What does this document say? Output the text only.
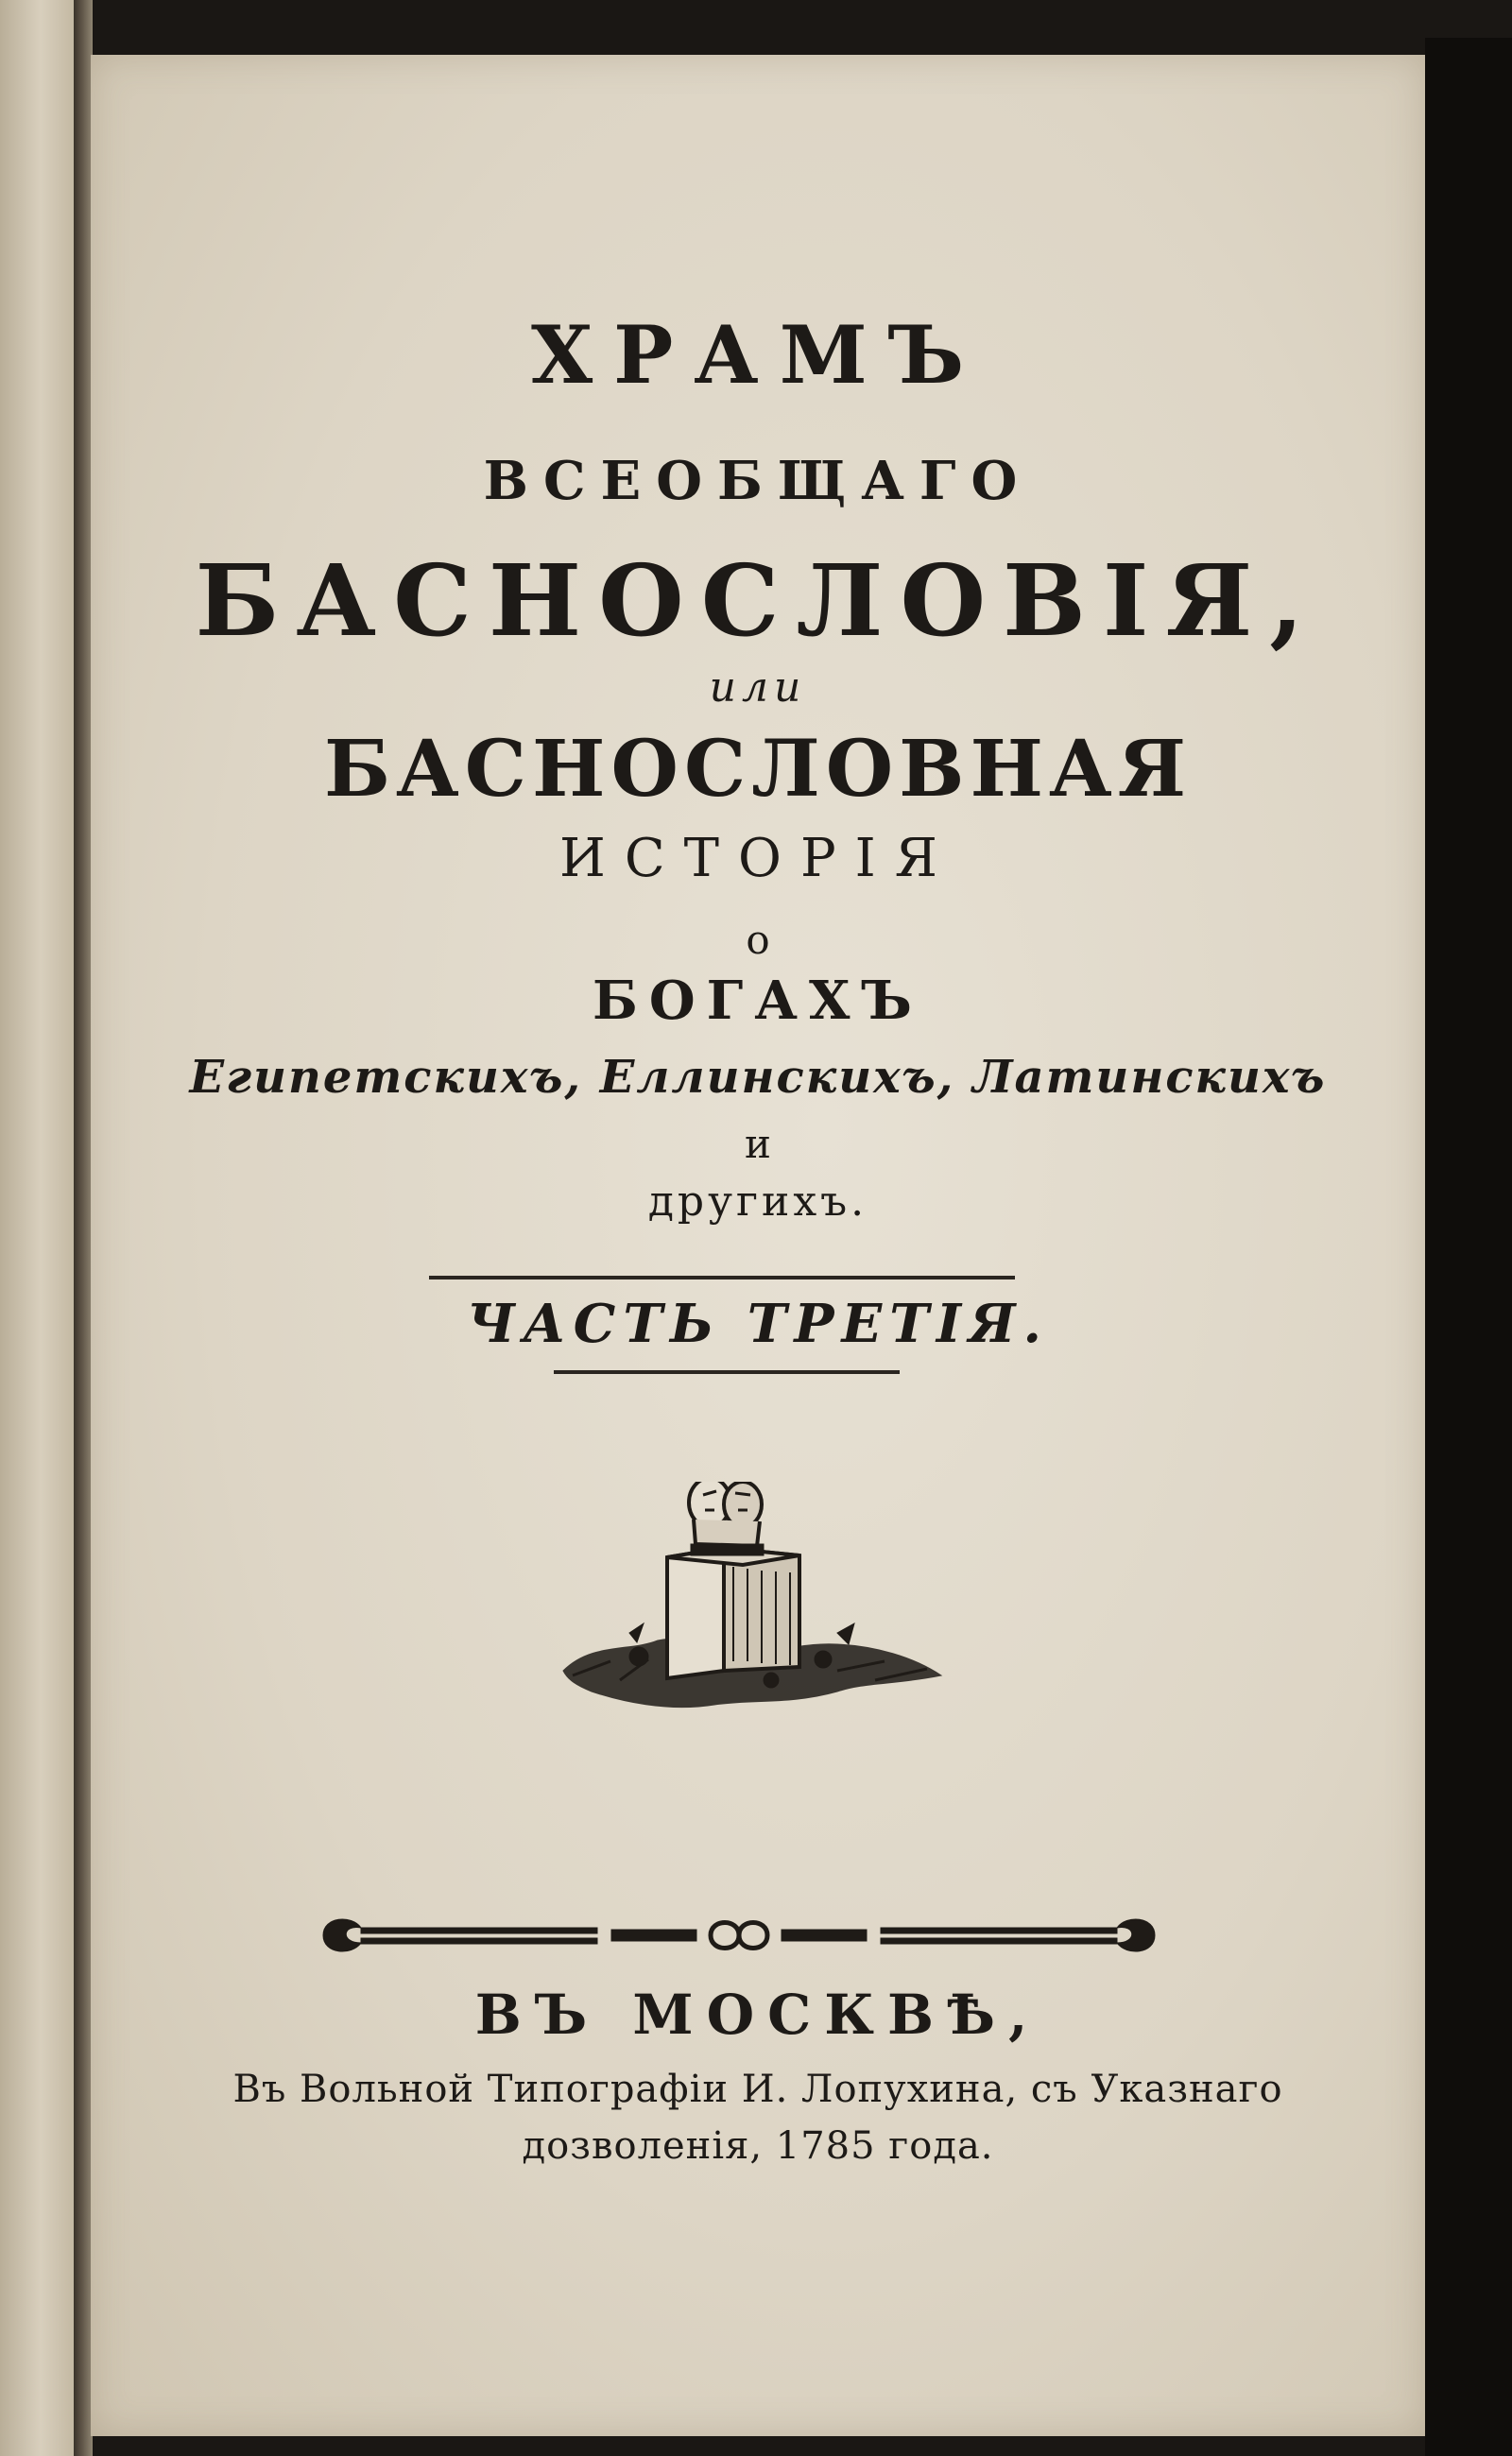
ХРАМЪ
ВСЕОБЩАГО
БАСНОСЛОВІЯ,
или
БАСНОСЛОВНАЯ
ИСТОРІЯ
о
БОГАХЪ
Египетскихъ, Еллинскихъ, Латинскихъ
и
другихъ.
ЧАСТЬ ТРЕТІЯ.
ВЪ МОСКВѢ,
Въ Вольной Типографіи И. Лопухина, съ Указнаго
дозволенія, 1785 года.
